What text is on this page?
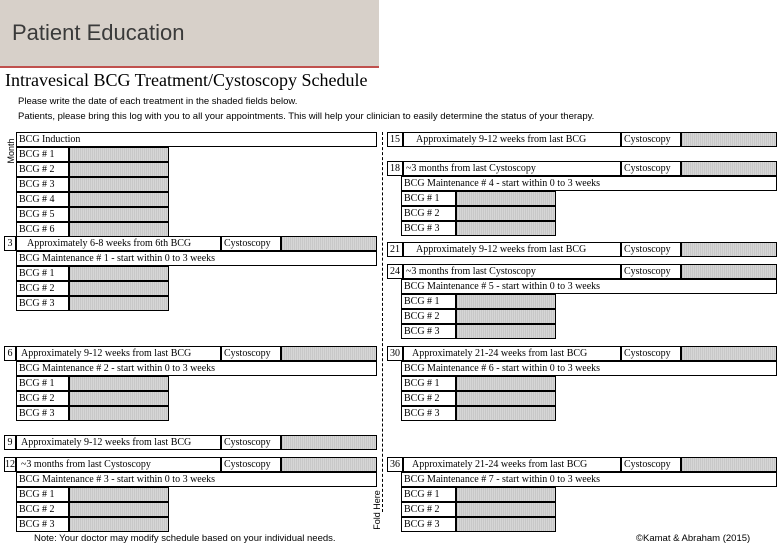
Patient Education
Intravesical BCG Treatment/Cystoscopy Schedule
Please write the date of each treatment in the shaded fields below.
Patients, please bring this log with you to all your appointments. This will help your clinician to easily determine the status of your therapy.
Month
Fold Here
BCG Induction
BCG # 1
BCG # 2
BCG # 3
BCG # 4
BCG # 5
BCG # 6
3	Approximately 6-8 weeks from 6th BCG	Cystoscopy
BCG Maintenance # 1 - start within 0 to 3 weeks
BCG # 1
BCG # 2
BCG # 3
6 Approximately 9-12 weeks from last BCG	Cystoscopy
BCG Maintenance # 2 - start within 0 to 3 weeks
BCG # 1
BCG # 2
BCG # 3
9 Approximately 9-12 weeks from last BCG	Cystoscopy
12 ~3 months from last Cystoscopy	Cystoscopy
BCG Maintenance # 3 - start within 0 to 3 weeks
BCG # 1
BCG # 2
BCG # 3
15	Approximately 9-12 weeks from last BCG	Cystoscopy
18 ~3 months from last Cystoscopy	Cystoscopy
BCG Maintenance # 4 - start within 0 to 3 weeks
BCG # 1
BCG # 2
BCG # 3
21	Approximately 9-12 weeks from last BCG	Cystoscopy
24 ~3 months from last Cystoscopy	Cystoscopy
BCG Maintenance # 5 - start within 0 to 3 weeks
BCG # 1
BCG # 2
BCG # 3
30	Approximately 21-24 weeks from last BCG	Cystoscopy
BCG Maintenance # 6 - start within 0 to 3 weeks
BCG # 1
BCG # 2
BCG # 3
36	Approximately 21-24 weeks from last BCG	Cystoscopy
BCG Maintenance # 7 - start within 0 to 3 weeks
BCG # 1
BCG # 2
BCG # 3
Note: Your doctor may modify schedule based on your individual needs.	©Kamat & Abraham (2015)
